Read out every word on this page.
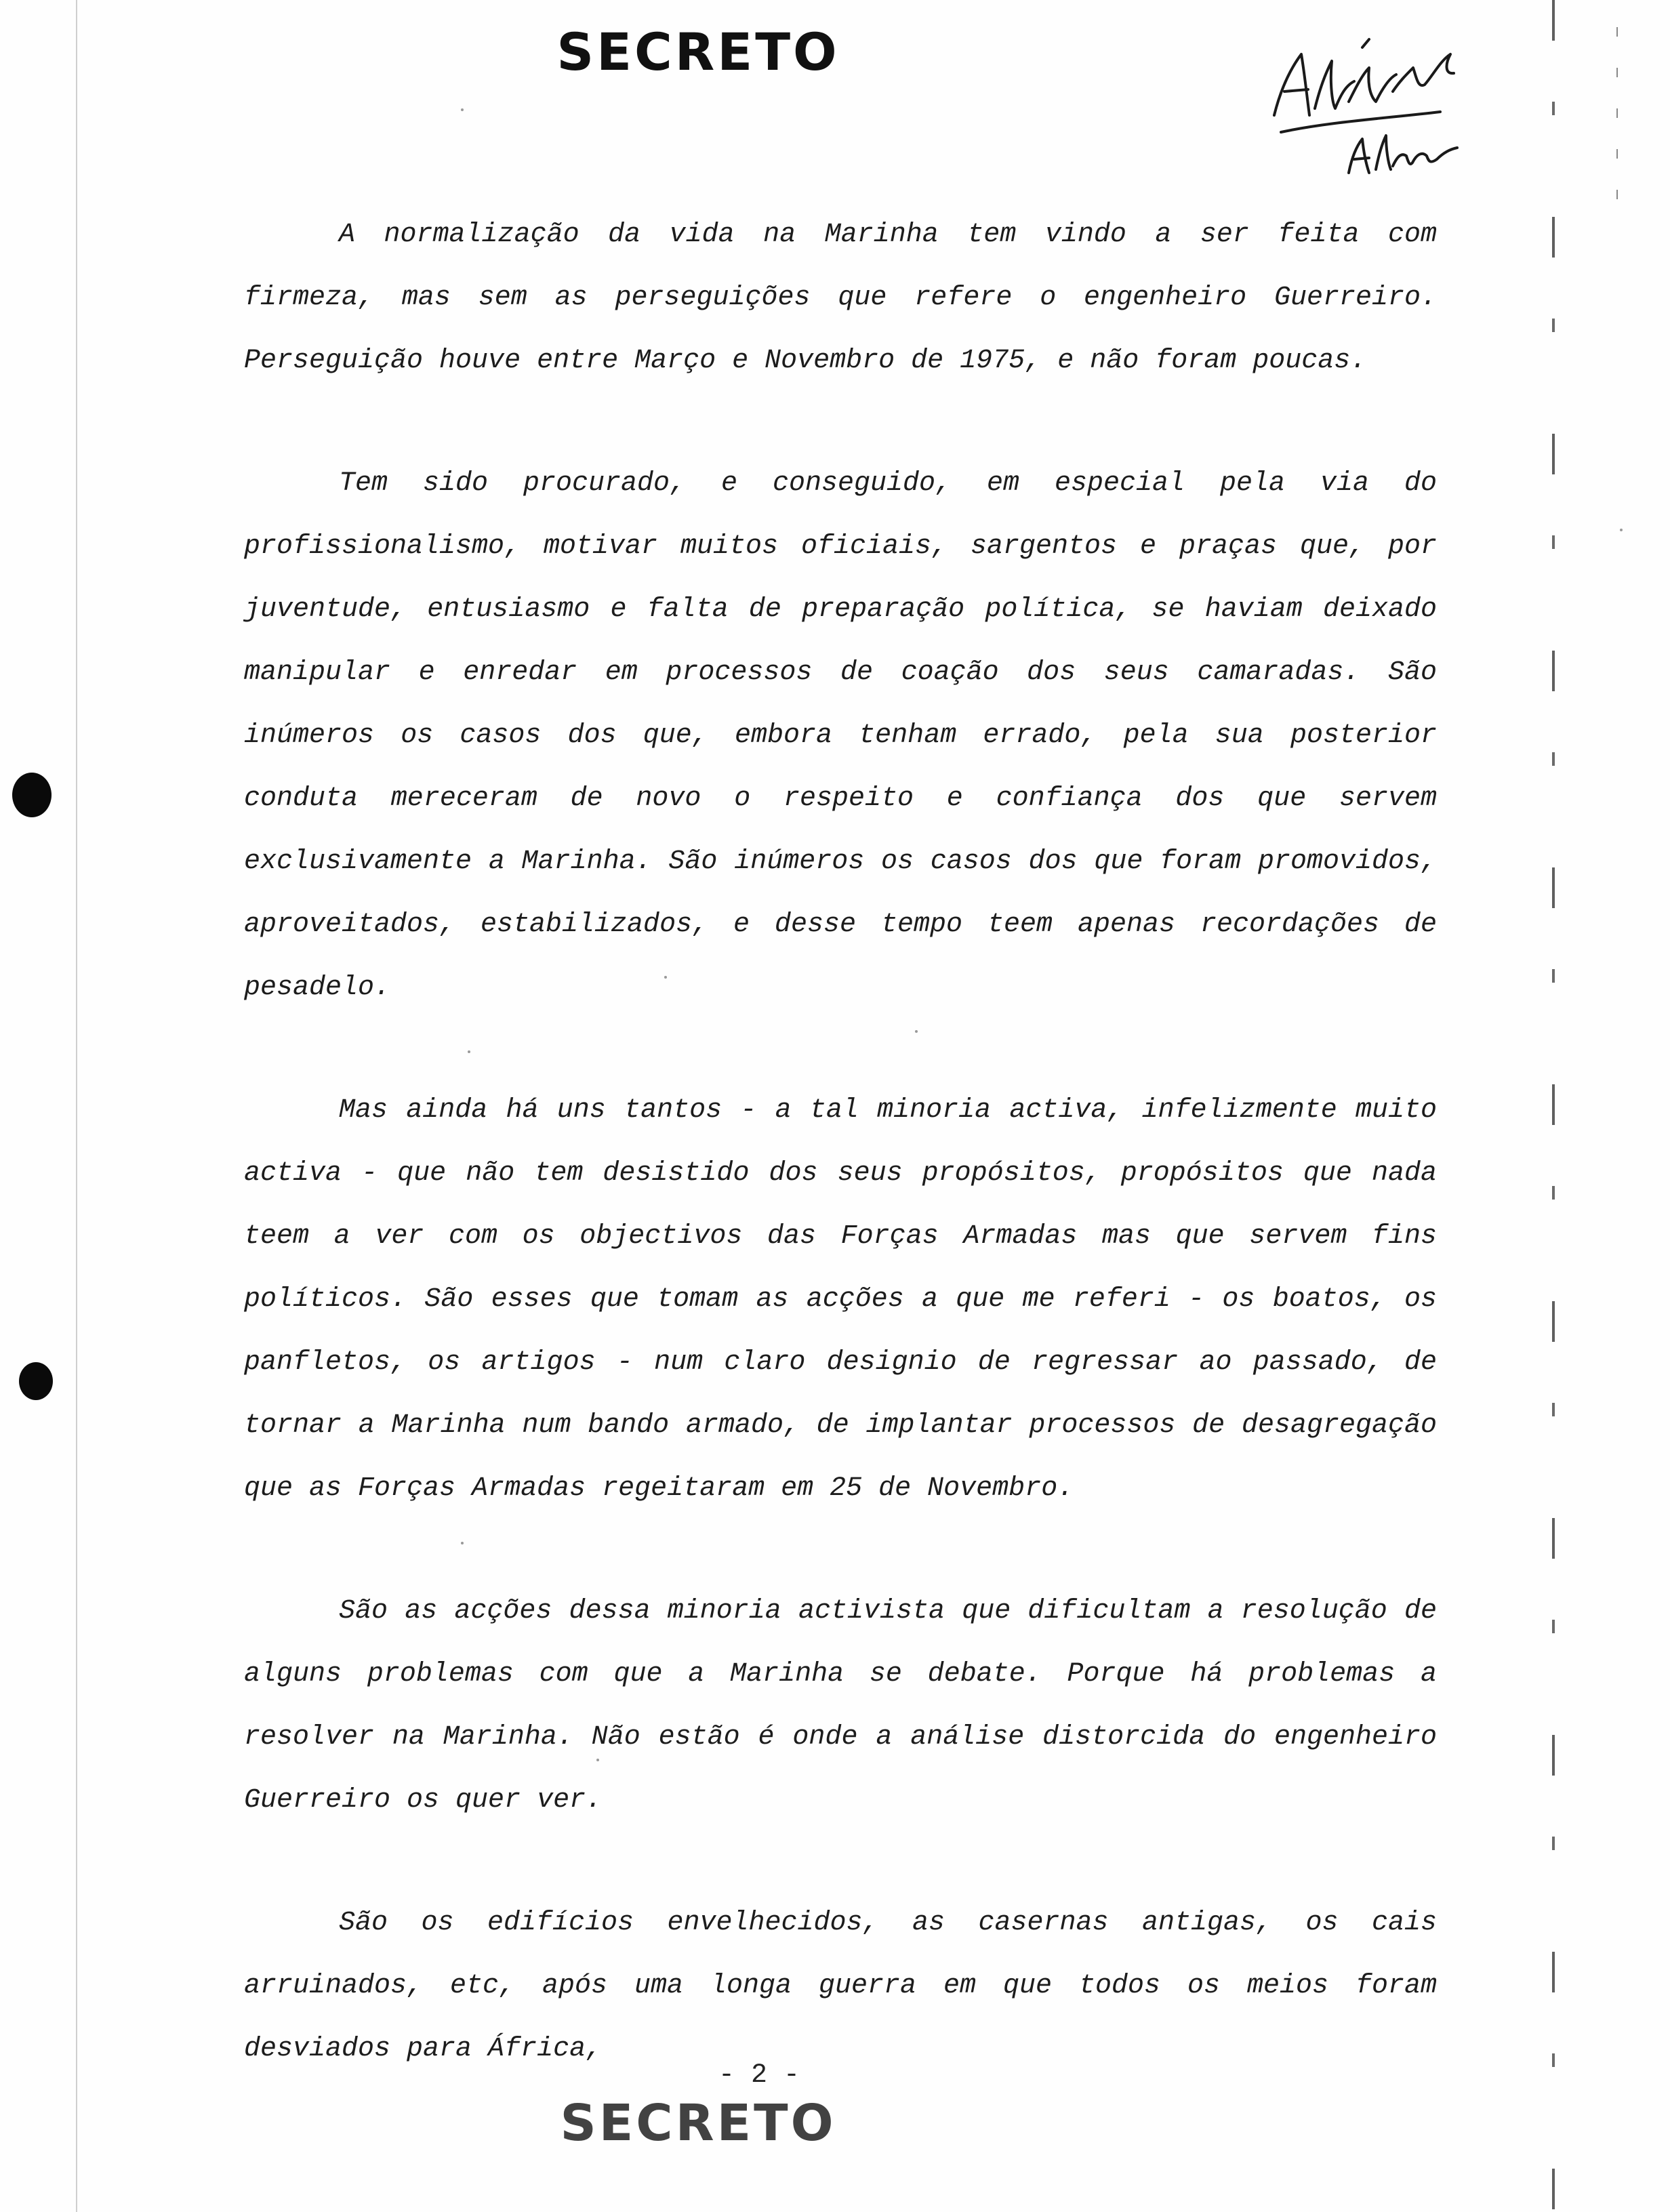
SECRETO

A normalização da vida na Marinha tem vindo a ser feita com firmeza, mas sem as perseguições que refere o engenheiro Guerreiro. Perseguição houve entre Março e Novembro de 1975, e não foram poucas.

Tem sido procurado, e conseguido, em especial pela via do profissionalismo, motivar muitos oficiais, sargentos e praças que, por juventude, entusiasmo e falta de preparação política, se haviam deixado manipular e enredar em processos de coação dos seus camaradas. São inúmeros os casos dos que, embora tenham errado, pela sua posterior conduta mereceram de novo o respeito e confiança dos que servem exclusivamente a Marinha. São inúmeros os casos dos que foram promovidos, aproveitados, estabilizados, e desse tempo teem apenas recordações de pesadelo.

Mas ainda há uns tantos - a tal minoria activa, infelizmente muito activa - que não tem desistido dos seus propósitos, propósitos que nada teem a ver com os objectivos das Forças Armadas mas que servem fins políticos. São esses que tomam as acções a que me referi - os boatos, os panfletos, os artigos - num claro designio de regressar ao passado, de tornar a Marinha num bando armado, de implantar processos de desagregação que as Forças Armadas regeitaram em 25 de Novembro.

São as acções dessa minoria activista que dificultam a resolução de alguns problemas com que a Marinha se debate. Porque há problemas a resolver na Marinha. Não estão é onde a análise distorcida do engenheiro Guerreiro os quer ver.

São os edifícios envelhecidos, as casernas antigas, os cais arruinados, etc, após uma longa guerra em que todos os meios foram desviados para África,

- 2 -
SECRETO
